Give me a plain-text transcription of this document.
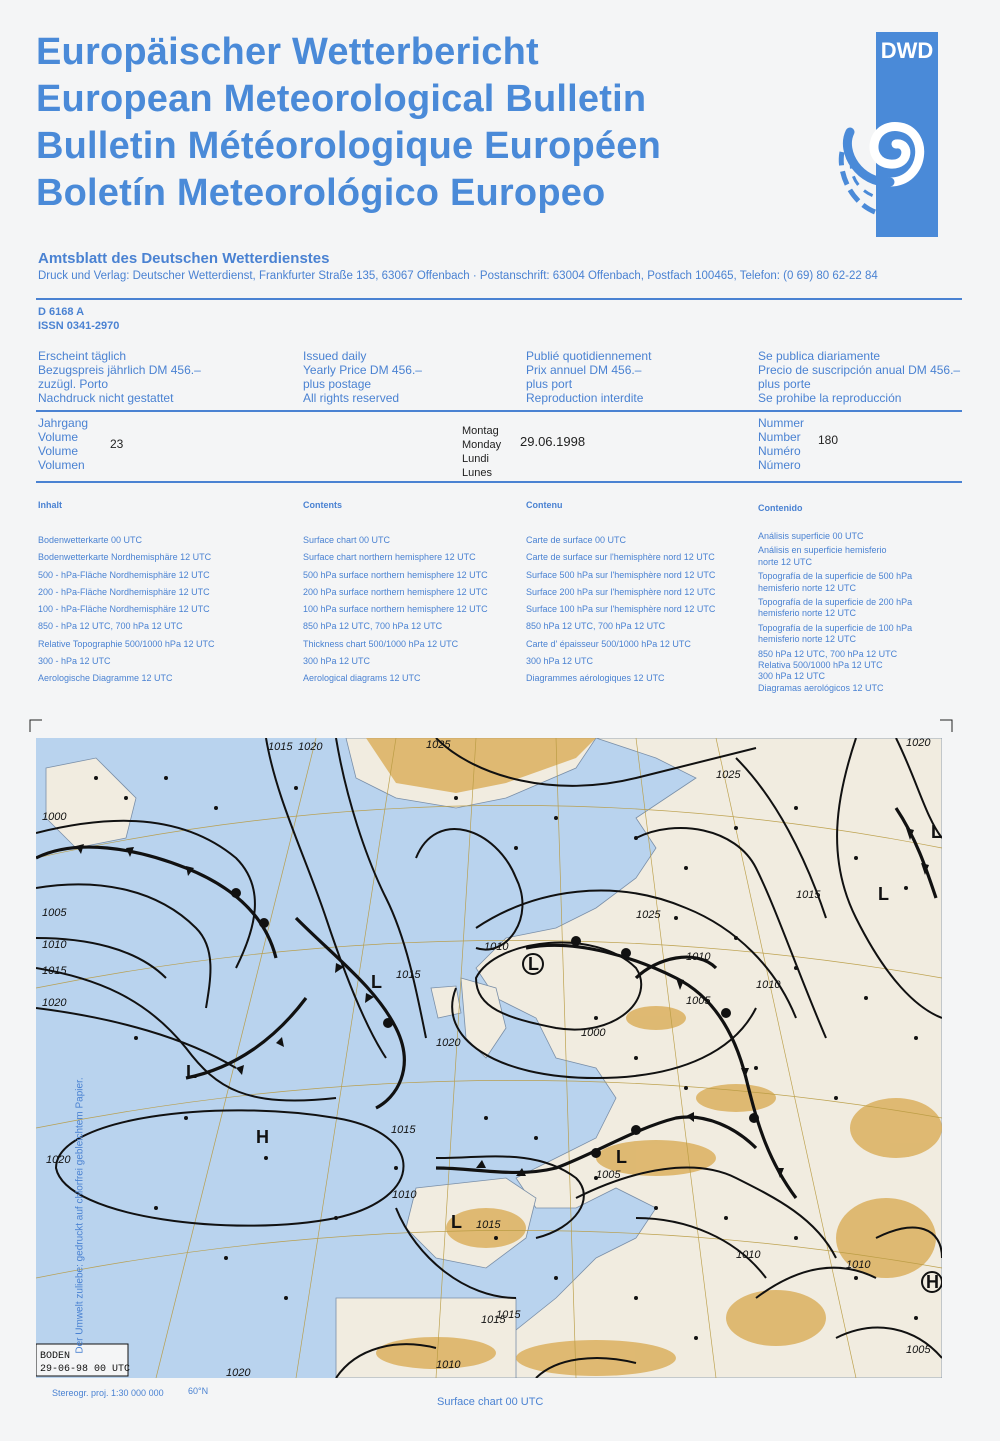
Europäischer Wetterbericht
European Meteorological Bulletin
Bulletin Météorologique Européen
Boletín Meteorológico Europeo
DWD
Amtsblatt des Deutschen Wetterdienstes
Druck und Verlag: Deutscher Wetterdienst, Frankfurter Straße 135, 63067 Offenbach · Postanschrift: 63004 Offenbach, Postfach 100465, Telefon: (0 69) 80 62-22 84
D 6168 A
ISSN 0341-2970
Erscheint täglich
Bezugspreis jährlich DM 456.–
zuzügl. Porto
Nachdruck nicht gestattet
Issued daily
Yearly Price DM 456.–
plus postage
All rights reserved
Publié quotidiennement
Prix annuel DM 456.–
plus port
Reproduction interdite
Se publica diariamente
Precio de suscripción anual DM 456.–
plus porte
Se prohibe la reproducción
Jahrgang
Volume
Volume
Volumen
23
Montag
Monday
Lundi
Lunes
29.06.1998
Nummer
Number
Numéro
Número
180
Inhalt
Bodenwetterkarte 00 UTC
Bodenwetterkarte Nordhemisphäre 12 UTC
500 - hPa-Fläche Nordhemisphäre 12 UTC
200 - hPa-Fläche Nordhemisphäre 12 UTC
100 - hPa-Fläche Nordhemisphäre 12 UTC
850 - hPa 12 UTC, 700 hPa 12 UTC
Relative Topographie 500/1000 hPa 12 UTC
300 - hPa 12 UTC
Aerologische Diagramme 12 UTC
Contents
Surface chart 00 UTC
Surface chart northern hemisphere 12 UTC
500 hPa surface northern hemisphere 12 UTC
200 hPa surface northern hemisphere 12 UTC
100 hPa surface northern hemisphere 12 UTC
850 hPa 12 UTC, 700 hPa 12 UTC
Thickness chart 500/1000 hPa 12 UTC
300 hPa 12 UTC
Aerological diagrams 12 UTC
Contenu
Carte de surface 00 UTC
Carte de surface sur l'hemisphère nord 12 UTC
Surface 500 hPa sur l'hemisphère nord 12 UTC
Surface 200 hPa sur l'hemisphère nord 12 UTC
Surface 100 hPa sur l'hemisphère nord 12 UTC
850 hPa 12 UTC, 700 hPa 12 UTC
Carte d' épaisseur 500/1000 hPa 12 UTC
300 hPa 12 UTC
Diagrammes aérologiques 12 UTC
Contenido
Análisis superficie 00 UTC
Análisis en superficie hemisferio norte 12 UTC
Topografía de la superficie de 500 hPa hemisferio norte 12 UTC
Topografía de la superficie de 200 hPa hemisferio norte 12 UTC
Topografía de la superficie de 100 hPa hemisferio norte 12 UTC
850 hPa 12 UTC, 700 hPa 12 UTC
Relativa 500/1000 hPa 12 UTC
300 hPa 12 UTC
Diagramas aerológicos 12 UTC
1015 1020	1025
1000
1005
1010
1015
1020
1015
1020
1025
1010
1015
1000
1005
1010
1020
1025
1015
1010
1005
1015
1020
1010
1005
1010
1015
1020
1010
1015
1010
H
L
L
L
H
L
L
L
L
BODEN
29-06-98 00 UTC
Stereogr. proj. 1:30 000 000	60°N
Surface chart 00 UTC
Der Umwelt zuliebe: gedruckt auf chlorfrei gebleichtem Papier.
